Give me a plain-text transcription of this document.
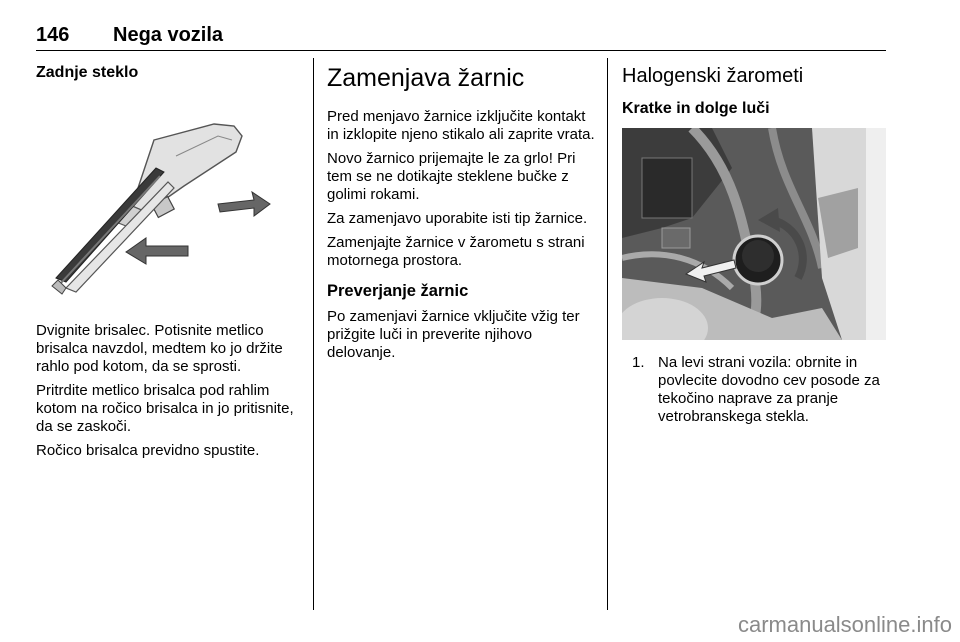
146 Nega vozila
Zadnje steklo

Dvignite brisalec. Potisnite metlico brisalca navzdol, medtem ko jo držite rahlo pod kotom, da se sprosti.

Pritrdite metlico brisalca pod rahlim kotom na ročico brisalca in jo pritisnite, da se zaskoči.

Ročico brisalca previdno spustite.

Zamenjava žarnic

Pred menjavo žarnice izključite kontakt in izklopite njeno stikalo ali zaprite vrata.

Novo žarnico prijemajte le za grlo! Pri tem se ne dotikajte steklene bučke z golimi rokami.

Za zamenjavo uporabite isti tip žarnice.

Zamenjajte žarnice v žarometu s strani motornega prostora.

Preverjanje žarnic

Po zamenjavi žarnice vključite vžig ter prižgite luči in preverite njihovo delovanje.

Halogenski žarometi
Kratke in dolge luči
1. Na levi strani vozila: obrnite in povlecite dovodno cev posode za tekočino naprave za pranje vetrobranskega stekla.
carmanualsonline.info
